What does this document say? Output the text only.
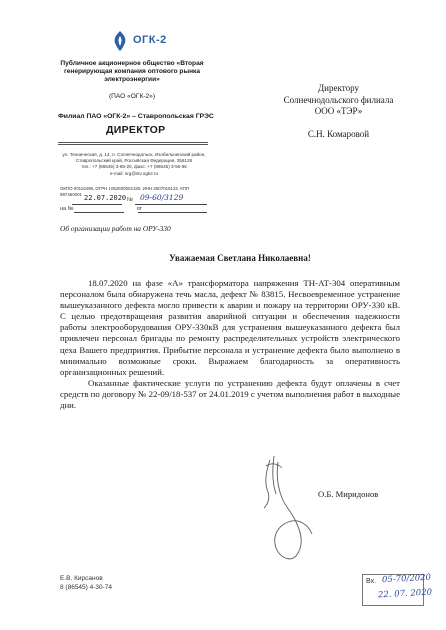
ОГК-2
Публичное акционерное общество «Вторая генерирующая компания оптового рынка электроэнергии»
(ПАО «ОГК-2»)
Филиал ПАО «ОГК-2» – Ставропольская ГРЭС
ДИРЕКТОР
ул. Техническая, д. 14, п. Солнечнодольск, Изобильненский район,
Ставропольский край, Российская Федерация, 356128
тел.: +7 (86545) 3-85-20, факс: +7 (86545) 3-56-66
e-mail: srg@stv.ogk2.ru
ОКПО 00116498, ОГРН 1052600002180, ИНН 2607018122, КПП 997450001 22.07.2020 № 09-60/3129
на №	от
Об организации работ на ОРУ-330
Директору
Солнечнодольского филиала
ООО «ТЭР»
С.Н. Комаровой
Уважаемая Светлана Николаевна!

18.07.2020 на фазе «А» трансформатора напряжения ТН-АТ-304 оперативным персоналом была обнаружена течь масла, дефект № 83815. Несвоевременное устранение вышеуказанного дефекта могло привести к аварии и пожару на территории ОРУ-330 кВ. С целью предотвращения развития аварийной ситуации и обеспечения надежности работы электрооборудования ОРУ-330кВ для устранения вышеуказанного дефекта был привлечен персонал бригады по ремонту распределительных устройств электрического цеха Вашего предприятия. Прибытие персонала и устранение дефекта было выполнено в минимально возможные сроки. Выражаем благодарность за оперативность организационных решений.

Оказанные фактические услуги по устранению дефекта будут оплачены в счет средств по договору № 22-09/18-537 от 24.01.2019 с учетом выполнения работ в выходные дни.

О.Б. Миридонов
Е.В. Кирсанов
8 (86545) 4-30-74
Вх. 05-70/2020
22. 07. 2020
